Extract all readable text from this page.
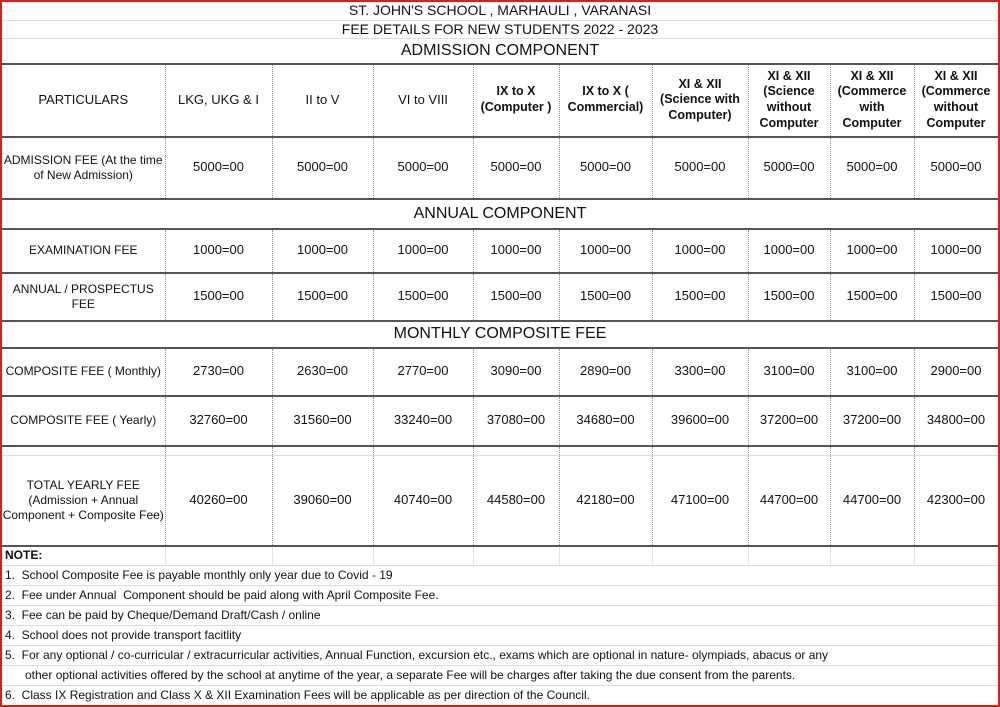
ST. JOHN'S SCHOOL , MARHAULI , VARANASI									
FEE DETAILS FOR NEW STUDENTS 2022 - 2023									
ADMISSION COMPONENT									
PARTICULARS	LKG, UKG & I	II to V	VI to VIII	IX to X (Computer )	IX to X ( Commercial)	XI & XII (Science with Computer)	XI & XII (Science without Computer	XI & XII (Commerce with Computer	XI & XII (Commerce without Computer
ADMISSION FEE (At the time of New Admission)	5000=00	5000=00	5000=00	5000=00	5000=00	5000=00	5000=00	5000=00	5000=00
ANNUAL COMPONENT									
EXAMINATION FEE	1000=00	1000=00	1000=00	1000=00	1000=00	1000=00	1000=00	1000=00	1000=00
ANNUAL / PROSPECTUS FEE	1500=00	1500=00	1500=00	1500=00	1500=00	1500=00	1500=00	1500=00	1500=00
MONTHLY COMPOSITE FEE									
COMPOSITE FEE ( Monthly)	2730=00	2630=00	2770=00	3090=00	2890=00	3300=00	3100=00	3100=00	2900=00
COMPOSITE FEE ( Yearly)	32760=00	31560=00	33240=00	37080=00	34680=00	39600=00	37200=00	37200=00	34800=00

TOTAL YEARLY FEE (Admission + Annual Component + Composite Fee)	40260=00	39060=00	40740=00	44580=00	42180=00	47100=00	44700=00	44700=00	42300=00
NOTE:									
1.  School Composite Fee is payable monthly only year due to Covid - 19									
2.  Fee under Annual  Component should be paid along with April Composite Fee.									
3.  Fee can be paid by Cheque/Demand Draft/Cash / online									
4.  School does not provide transport facitlity									
5.  For any optional / co-curricular / extracurricular activities, Annual Function, excursion etc., exams which are optional in nature- olympiads, abacus or any									
other optional activities offered by the school at anytime of the year, a separate Fee will be charges after taking the due consent from the parents.									
6.  Class IX Registration and Class X & XII Examination Fees will be applicable as per direction of the Council.									
